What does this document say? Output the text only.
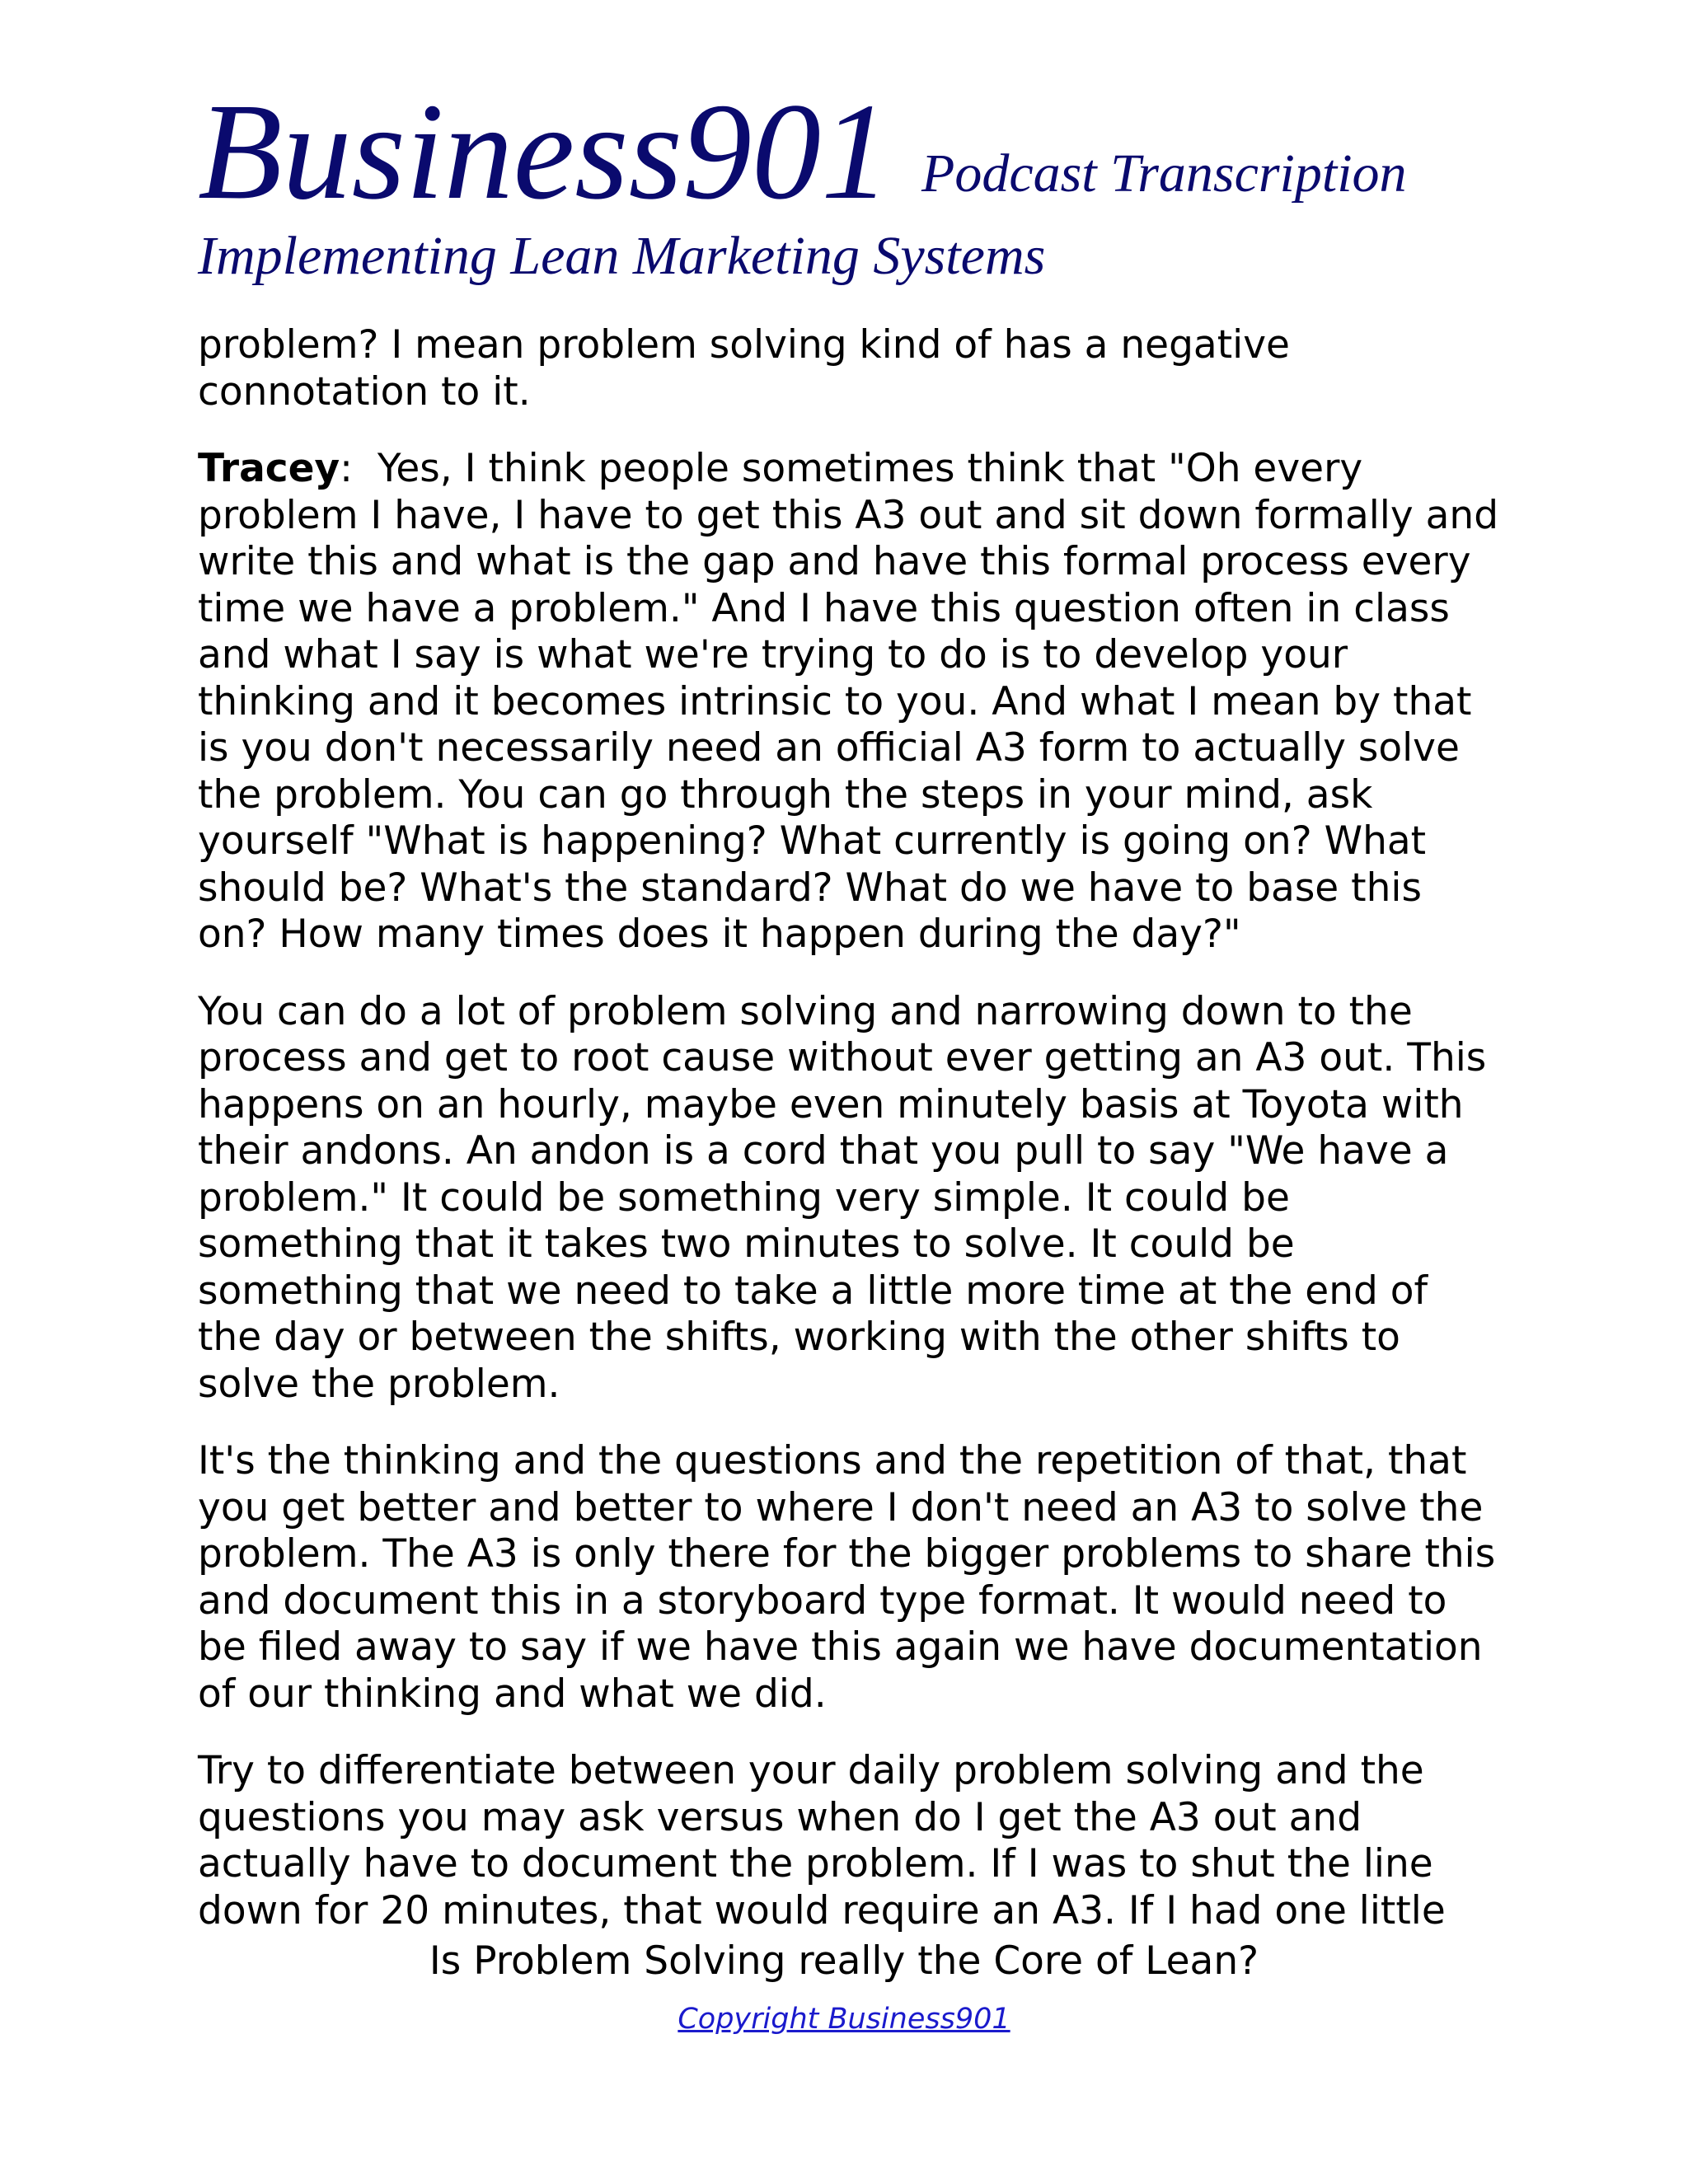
Business901 Podcast Transcription
Implementing Lean Marketing Systems

problem? I mean problem solving kind of has a negative connotation to it.

Tracey:  Yes, I think people sometimes think that "Oh every problem I have, I have to get this A3 out and sit down formally and write this and what is the gap and have this formal process every time we have a problem." And I have this question often in class and what I say is what we're trying to do is to develop your thinking and it becomes intrinsic to you. And what I mean by that is you don't necessarily need an official A3 form to actually solve the problem. You can go through the steps in your mind, ask yourself "What is happening? What currently is going on? What should be? What's the standard? What do we have to base this on? How many times does it happen during the day?"

You can do a lot of problem solving and narrowing down to the process and get to root cause without ever getting an A3 out. This happens on an hourly, maybe even minutely basis at Toyota with their andons. An andon is a cord that you pull to say "We have a problem." It could be something very simple. It could be something that it takes two minutes to solve. It could be something that we need to take a little more time at the end of the day or between the shifts, working with the other shifts to solve the problem.

It's the thinking and the questions and the repetition of that, that you get better and better to where I don't need an A3 to solve the problem. The A3 is only there for the bigger problems to share this and document this in a storyboard type format. It would need to be filed away to say if we have this again we have documentation of our thinking and what we did.

Try to differentiate between your daily problem solving and the questions you may ask versus when do I get the A3 out and actually have to document the problem. If I was to shut the line down for 20 minutes, that would require an A3. If I had one little

Is Problem Solving really the Core of Lean?
Copyright Business901
